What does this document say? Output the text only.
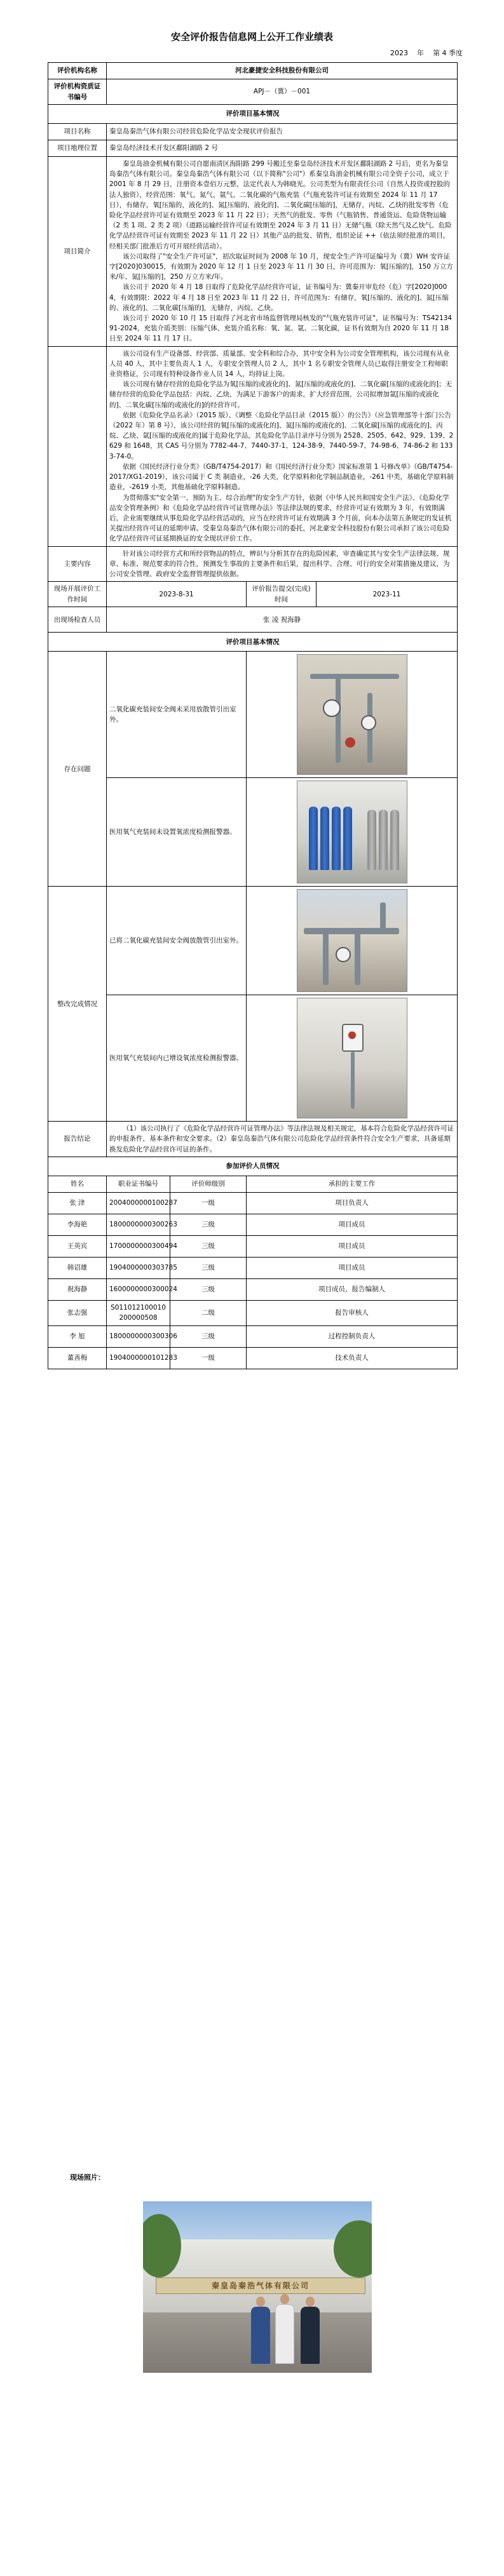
安全评价报告信息网上公开工作业绩表
2023 年 第 4 季度
评价机构名称	河北豪捷安全科技股份有限公司			
评价机构资质证书编号	APJ－（冀）－001			
评价项目基本情况				
项目名称	秦皇岛秦浩气体有限公司经营危险化学品安全现状评价报告			
项目地理位置	秦皇岛经济技术开发区鄱阳湖路 2 号			
项目简介	秦皇岛油金机械有限公司自愿南清区海阳路 299 号搬迁至秦皇岛经济技术开发区鄱阳湖路 2 号后，更名为秦皇岛秦浩气体有限公司。秦皇岛秦浩气体有限公司（以下简称"公司"）系秦皇岛油金机械有限公司全资子公司，成立于 2001 年 8 月 29 日，注册资本壹佰万元整，法定代表人为韩晓光。公司类型为有限责任公司（自然人投资或控股的法人独资），经营范围：氧气、氮气、氩气、二氧化碳的气瓶充装（气瓶充装许可证有效期至 2024 年 11 月 17 日），有储存，氧[压缩的，液化的]、氮[压缩的，液化的]、二氧化碳[压缩的]，无储存，丙烷、乙炔的批发零售（危险化学品经营许可证有效期至 2023 年 11 月 22 日）；天然气的批发、零售（气瓶销售、普通货运、危险货物运输（2 类 1 项、2 类 2 项）（道路运输经营许可证有效期至 2024 年 3 月 11 日）无储气瓶（除天然气及乙炔气、危险化学品经营许可证有效期至 2023 年 11 月 22 日）其他产品的批发、销售，组织论证 ++（依法须经批准的项目，经相关部门批准后方可开展经营活动）。
该公司取得了"安全生产许可证"，初次取证时间为 2008 年 10 月，现安全生产许可证编号为（冀）WH 安许证字[2020]030015，有效期为 2020 年 12 月 1 日至 2023 年 11 月 30 日，许可范围为：氧[压缩的]，150 万立方米/年、氮[压缩的]，250 万立方米/年。
该公司于 2020 年 4 月 18 日取得了危险化学品经营许可证，证书编号为：冀秦开审危经（危）字[2020]0004，有效期限：2022 年 4 月 18 日至 2023 年 11 月 22 日，许可范围为：有储存，氧[压缩的、液化的]、氮[压缩的、液化的]、二氧化碳[压缩的]，无储存，丙烷、乙炔。
该公司于 2020 年 10 月 15 日取得了河北省市场监督管理局核发的"气瓶充装许可证"，证书编号为：TS4213491-2024，充装介质类别：压缩气体、充装介质名称：氧、氮、氩、二氧化碳，证书有效期为自 2020 年 11 月 18 日至 2024 年 11 月 17 日。			

	该公司设有生产设备部、经营部、质量部、安全科和综合办，其中安全科为公司安全管理机构，该公司现有从业人员 40 人，其中主要负责人 1 人，专职安全管理人员 2 人，其中 1 名专职安全管理人员已取得注册安全工程师职业资格证，公司现有特种设备作业人员 14 人，均持证上岗。
该公司现有储存经营的危险化学品为氧[压缩的或液化的]、氮[压缩的或液化的]、二氧化碳[压缩的或液化的]；无储存经营的危险化学品包括：丙烷、乙炔，为满足下游客户的需求，扩大经营范围，公司拟增加氩[压缩的或液化的]、二氧化碳[压缩的或液化的]的经营许可。
依据《危险化学品名录》（2015 版）、《调整〈危险化学品目录（2015 版）〉的公告》（应急管理部等十部门公告（2022 年）第 8 号），该公司经营的氧[压缩的或液化的]、氮[压缩的或液化的]、二氧化碳[压缩的或液化的]、丙烷、乙炔、氩[压缩的或液化的]属于危险化学品，其危险化学品目录序号分别为 2528、2505、642、929、139、2629 和 1648，其 CAS 号分别为 7782-44-7、7440-37-1、124-38-9、7440-59-7、74-98-6、74-86-2 和 1333-74-0。
依据《国民经济行业分类》（GB/T4754-2017）和《国民经济行业分类》国家标准第 1 号修改单》（GB/T4754-2017/XG1-2019），该公司属于 C 类 制造业，-26 大类，化学原料和化学制品制造业，-261 中类，基础化学原料制造业，-2619 小类，其他基础化学原料制造。
为贯彻落实"安全第一、预防为主、综合治理"的安全生产方针，依据《中华人民共和国安全生产法》、《危险化学品安全管理条例》和《危险化学品经营许可证管理办法》等法律法规的要求，经营许可证有效期为 3 年，有效期满后，企业需要继续从事危险化学品经营活动的，应当在经营许可证有效期满 3 个月前，向本办法第五条规定的发证机关提出经营许可证的延期申请。受秦皇岛秦浩气体有限公司的委托，河北豪安全科技股份有限公司承担了该公司危险化学品经营许可证延期换证的安全现状评价工作。			

主要内容	针对该公司经营方式和所经营物品的特点，辨识与分析其存在的危险因素，审查确定其与安全生产法律法规、规章、标准、规范要求的符合性，预测发生事故的主要条件和后果，提出科学、合理、可行的安全对策措施及建议，为公司安全管理、政府安全监督管理提供依据。			
现场开展评价工作时间	2023-8-31		评价报告提交(完成)时间	2023-11
出现场检查人员	张 凌 祝海静			
评价项目基本情况				
存在问题	二氧化碳充装间安全阀未采用放散管引出室外。			

	医用氧气充装间未设置氧浓度检测报警器。			

整改完成情况	已将二氧化碳充装间安全阀放散管引出室外。			

	医用氧气充装间内已增设氧浓度检测报警器。			

报告结论	（1）该公司执行了《危险化学品经营许可证管理办法》等法律法规及相关规定，基本符合危险化学品经营许可证的申报条件，基本条件和安全要求。（2）秦皇岛秦浩气体有限公司危险化学品经营条件符合安全生产要求，具备延期换发危险化学品经营许可证的条件。			
参加评价人员情况				
姓名	职业证书编号	评价师级别	承担的主要工作	
张 津	2004000000100287	一级	项目负责人	
李海艳	1800000000300263	三级	项目成员	
王英宾	1700000000300494	三级	项目成员	
韩诏雄	1904000000303785	三级	项目成员	
祝海静	1600000000300024	三级	项目成员、报告编制人	
张志强	S011012100010200000508	二级	报告审核人	
李 旭	1800000000300306	三级	过程控制负责人	
董善梅	1904000000101283	一级	技术负责人	
现场照片：
秦皇岛秦浩气体有限公司
